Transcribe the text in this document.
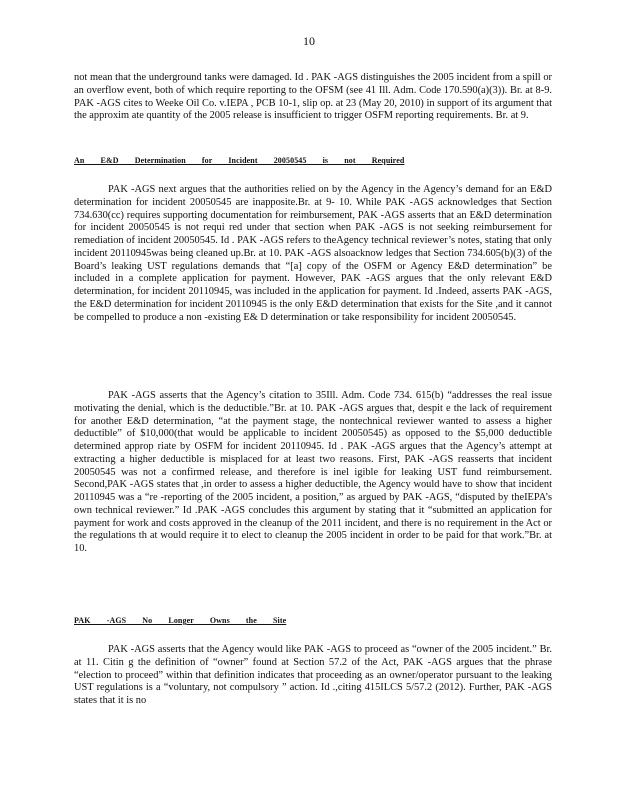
10

not mean that the underground tanks were damaged. Id . PAK -AGS distinguishes the 2005 incident from a spill or an overflow event, both of which require reporting to the OFSM (see 41 Ill. Adm. Code 170.590(a)(3)). Br. at 8-9. PAK -AGS cites to Weeke Oil Co. v.IEPA , PCB 10-1, slip op. at 23 (May 20, 2010) in support of its argument that the approxim ate quantity of the 2005 release is insufficient to trigger OSFM reporting requirements. Br. at 9.

An E&D Determination for Incident 20050545 is not Required

PAK -AGS next argues that the authorities relied on by the Agency in the Agency’s demand for an E&D determination for incident 20050545 are inapposite.Br. at 9- 10. While PAK -AGS acknowledges that Section 734.630(cc) requires supporting documentation for reimbursement, PAK -AGS asserts that an E&D determination for incident 20050545 is not requi red under that section when PAK -AGS is not seeking reimbursement for remediation of incident 20050545. Id . PAK -AGS refers to theAgency technical reviewer’s notes, stating that only incident 20110945was being cleaned up.Br. at 10. PAK -AGS alsoacknow ledges that Section 734.605(b)(3) of the Board’s leaking UST regulations demands that “[a] copy of the OSFM or Agency E&D determination” be included in a complete application for payment. However, PAK -AGS argues that the only relevant E&D determination, for incident 20110945, was included in the application for payment. Id .Indeed, asserts PAK -AGS, the E&D determination for incident 20110945 is the only E&D determination that exists for the Site ,and it cannot be compelled to produce a non -existing E& D determination or take responsibility for incident 20050545.

PAK -AGS asserts that the Agency’s citation to 35Ill. Adm. Code 734. 615(b) “addresses the real issue motivating the denial, which is the deductible.”Br. at 10. PAK -AGS argues that, despit e the lack of requirement for another E&D determination, “at the payment stage, the nontechnical reviewer wanted to assess a higher deductible” of $10,000(that would be applicable to incident 20050545) as opposed to the $5,000 deductible determined approp riate by OSFM for incident 20110945. Id . PAK -AGS argues that the Agency’s attempt at extracting a higher deductible is misplaced for at least two reasons. First, PAK -AGS reasserts that incident 20050545 was not a confirmed release, and therefore is inel igible for leaking UST fund reimbursement. Second,PAK -AGS states that ,in order to assess a higher deductible, the Agency would have to show that incident 20110945 was a “re -reporting of the 2005 incident, a position,” as argued by PAK -AGS, “disputed by theIEPA’s own technical reviewer.” Id .PAK -AGS concludes this argument by stating that it “submitted an application for payment for work and costs approved in the cleanup of the 2011 incident, and there is no requirement in the Act or the regulations th at would require it to elect to cleanup the 2005 incident in order to be paid for that work.”Br. at 10.

PAK -AGS No Longer Owns the Site

PAK -AGS asserts that the Agency would like PAK -AGS to proceed as “owner of the 2005 incident.” Br. at 11. Citin g the definition of “owner” found at Section 57.2 of the Act, PAK -AGS argues that the phrase “election to proceed” within that definition indicates that proceeding as an owner/operator pursuant to the leaking UST regulations is a “voluntary, not compulsory ” action. Id .,citing 415ILCS 5/57.2 (2012). Further, PAK -AGS states that it is no
